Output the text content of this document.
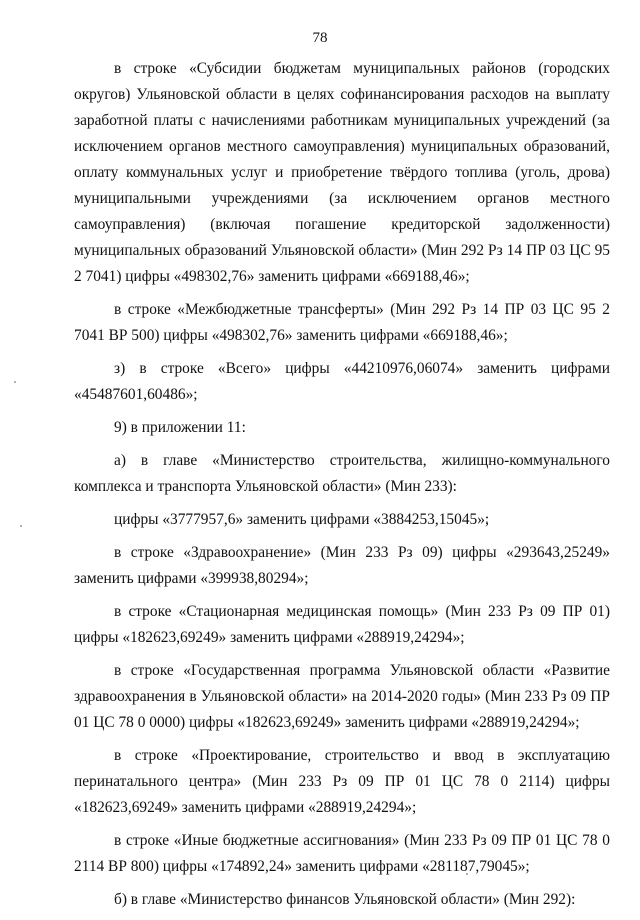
78

в строке «Субсидии бюджетам муниципальных районов (городских округов) Ульяновской области в целях софинансирования расходов на выплату заработной платы с начислениями работникам муниципальных учреждений (за исключением органов местного самоуправления) муниципальных образований, оплату коммунальных услуг и приобретение твёрдого топлива (уголь, дрова) муниципальными учреждениями (за исключением органов местного самоуправления) (включая погашение кредиторской задолженности) муниципальных образований Ульяновской области» (Мин 292 Рз 14 ПР 03 ЦС 95 2 7041) цифры «498302,76» заменить цифрами «669188,46»;

в строке «Межбюджетные трансферты» (Мин 292 Рз 14 ПР 03 ЦС 95 2 7041 ВР 500) цифры «498302,76» заменить цифрами «669188,46»;

з) в строке «Всего» цифры «44210976,06074» заменить цифрами «45487601,60486»;

9) в приложении 11:

а) в главе «Министерство строительства, жилищно-коммунального комплекса и транспорта Ульяновской области» (Мин 233):

цифры «3777957,6» заменить цифрами «3884253,15045»;

в строке «Здравоохранение» (Мин 233 Рз 09) цифры «293643,25249» заменить цифрами «399938,80294»;

в строке «Стационарная медицинская помощь» (Мин 233 Рз 09 ПР 01) цифры «182623,69249» заменить цифрами «288919,24294»;

в строке «Государственная программа Ульяновской области «Развитие здравоохранения в Ульяновской области» на 2014-2020 годы» (Мин 233 Рз 09 ПР 01 ЦС 78 0 0000) цифры «182623,69249» заменить цифрами «288919,24294»;

в строке «Проектирование, строительство и ввод в эксплуатацию перинатального центра» (Мин 233 Рз 09 ПР 01 ЦС 78 0 2114) цифры «182623,69249» заменить цифрами «288919,24294»;

в строке «Иные бюджетные ассигнования» (Мин 233 Рз 09 ПР 01 ЦС 78 0 2114 ВР 800) цифры «174892,24» заменить цифрами «281187,79045»;

б) в главе «Министерство финансов Ульяновской области» (Мин 292):
